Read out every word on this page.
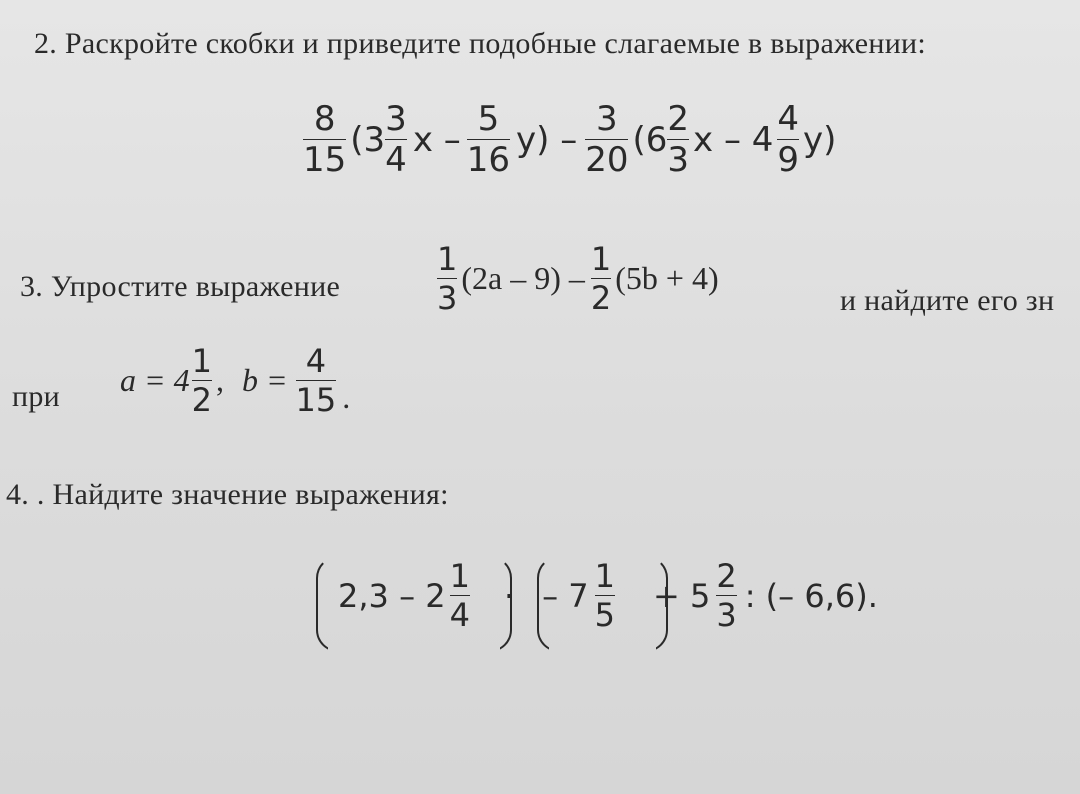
2. Раскройте скобки и приведите подобные слагаемые в выражении:
$\frac{8}{15} (3 \frac{3}{4}$ x – $\frac{5}{16} y) - \frac{3}{20} (6 \frac{2}{3}$ x – $4 \frac{4}{9} y$)
3. Упростите выражение	$\frac{1}{3} (2a - 9) - \frac{1}{2} (5b + 4)$
и найдите его зн
при $a = 4 \frac{1}{2}$ , $b = \frac{4}{15}$ .
4. . Найдите значение выражения:
$2,3 - 2 \frac{1}{4}$ · – $7 \frac{1}{5} + 5 \frac{2}{3}$ : (– 6,6).
